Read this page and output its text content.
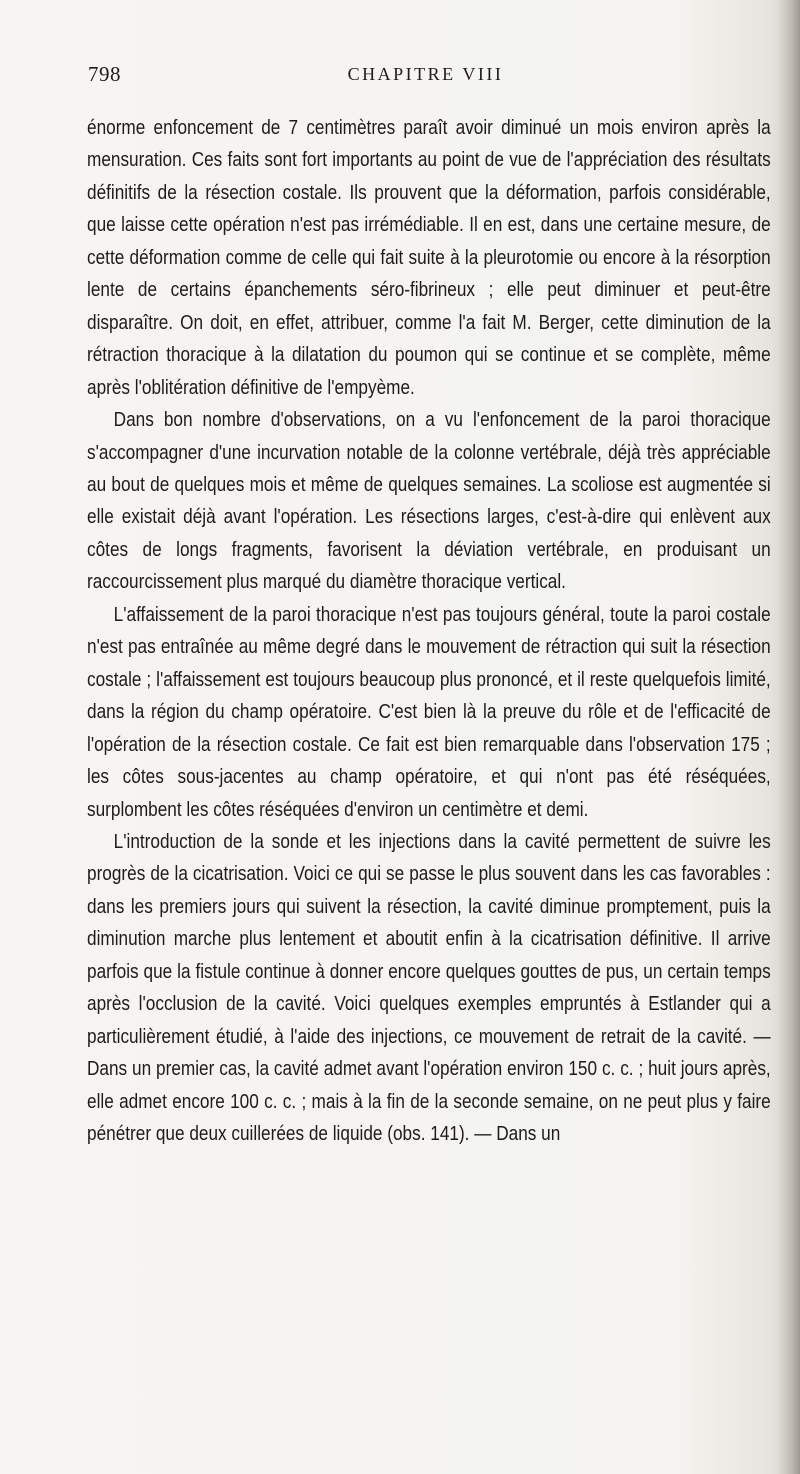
798	CHAPITRE VIII

énorme enfoncement de 7 centimètres paraît avoir diminué un mois environ après la mensuration. Ces faits sont fort importants au point de vue de l'appréciation des résultats définitifs de la résection costale. Ils prouvent que la déformation, parfois considérable, que laisse cette opération n'est pas irrémédiable. Il en est, dans une certaine mesure, de cette déformation comme de celle qui fait suite à la pleurotomie ou encore à la résorption lente de certains épanchements séro-fibrineux ; elle peut diminuer et peut-être disparaître. On doit, en effet, attribuer, comme l'a fait M. Berger, cette diminution de la rétraction thoracique à la dilatation du poumon qui se continue et se complète, même après l'oblitération définitive de l'empyème.

Dans bon nombre d'observations, on a vu l'enfoncement de la paroi thoracique s'accompagner d'une incurvation notable de la colonne vertébrale, déjà très appréciable au bout de quelques mois et même de quelques semaines. La scoliose est augmentée si elle existait déjà avant l'opération. Les résections larges, c'est-à-dire qui enlèvent aux côtes de longs fragments, favorisent la déviation vertébrale, en produisant un raccourcissement plus marqué du diamètre thoracique vertical.

L'affaissement de la paroi thoracique n'est pas toujours général, toute la paroi costale n'est pas entraînée au même degré dans le mouvement de rétraction qui suit la résection costale ; l'affaissement est toujours beaucoup plus prononcé, et il reste quelquefois limité, dans la région du champ opératoire. C'est bien là la preuve du rôle et de l'efficacité de l'opération de la résection costale. Ce fait est bien remarquable dans l'observation 175 ; les côtes sous-jacentes au champ opératoire, et qui n'ont pas été réséquées, surplombent les côtes réséquées d'environ un centimètre et demi.

L'introduction de la sonde et les injections dans la cavité permettent de suivre les progrès de la cicatrisation. Voici ce qui se passe le plus souvent dans les cas favorables : dans les premiers jours qui suivent la résection, la cavité diminue promptement, puis la diminution marche plus lentement et aboutit enfin à la cicatrisation définitive. Il arrive parfois que la fistule continue à donner encore quelques gouttes de pus, un certain temps après l'occlusion de la cavité. Voici quelques exemples empruntés à Estlander qui a particulièrement étudié, à l'aide des injections, ce mouvement de retrait de la cavité. — Dans un premier cas, la cavité admet avant l'opération environ 150 c. c. ; huit jours après, elle admet encore 100 c. c. ; mais à la fin de la seconde semaine, on ne peut plus y faire pénétrer que deux cuillerées de liquide (obs. 141). — Dans un
